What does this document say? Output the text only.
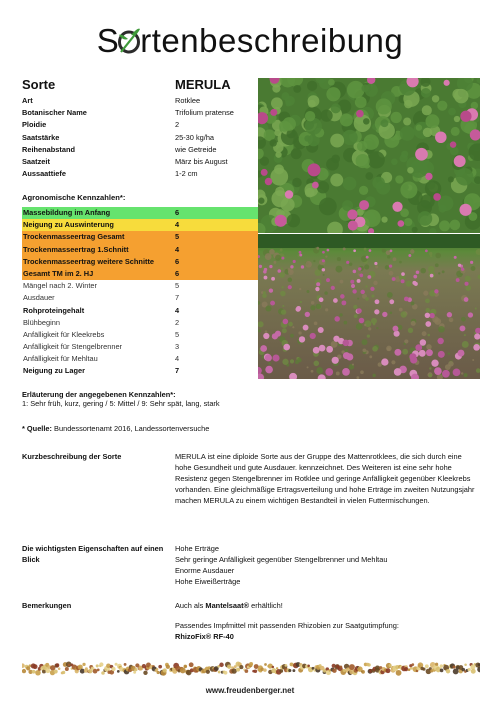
S rtenbeschreibung
Sorte	MERULA
Art	Rotklee
Botanischer Name	Trifolium pratense
Ploidie	2
Saatstärke	25-30 kg/ha
Reihenabstand	wie Getreide
Saatzeit	März bis August
Aussaattiefe	1-2 cm
Agronomische Kennzahlen*:
Massebildung im Anfang	6
Neigung zu Auswinterung	4
Trockenmasseertrag Gesamt	5
Trockenmasseertrag 1.Schnitt	4
Trockenmasseertrag weitere Schnitte	6
Gesamt TM im 2. HJ	6
Mängel nach 2. Winter	5
Ausdauer	7
Rohproteingehalt	4
Blühbeginn	2
Anfälligkeit für Kleekrebs	5
Anfälligkeit für Stengelbrenner	3
Anfälligkeit für Mehltau	4
Neigung zu Lager	7
Erläuterung der angegebenen Kennzahlen*:
1: Sehr früh, kurz, gering / 5: Mittel / 9: Sehr spät, lang, stark
* Quelle: Bundessortenamt 2016, Landessortenversuche
Kurzbeschreibung der Sorte	MERULA ist eine diploide Sorte aus der Gruppe des Mattenrotklees, die sich durch eine hohe Gesundheit und gute Ausdauer. kennzeichnet. Des Weiteren ist eine sehr hohe Resistenz gegen Stengelbrenner im Rotklee und geringe Anfälligkeit gegenüber Kleekrebs vorhanden. Eine gleichmäßige Ertragsverteilung und hohe Erträge im zweiten Nutzungsjahr machen MERULA zu einem wichtigen Bestandteil in vielen Futtermischungen.
Die wichtigsten Eigenschaften auf einen Blick
Hohe Erträge
Sehr geringe Anfälligkeit gegenüber Stengelbrenner und Mehltau
Enorme Ausdauer
Hohe Eiweißerträge
Bemerkungen	Auch als Mantelsaat® erhältlich!
Passendes Impfmittel mit passenden Rhizobien zur Saatgutimpfung:
RhizoFix® RF-40
www.freudenberger.net
